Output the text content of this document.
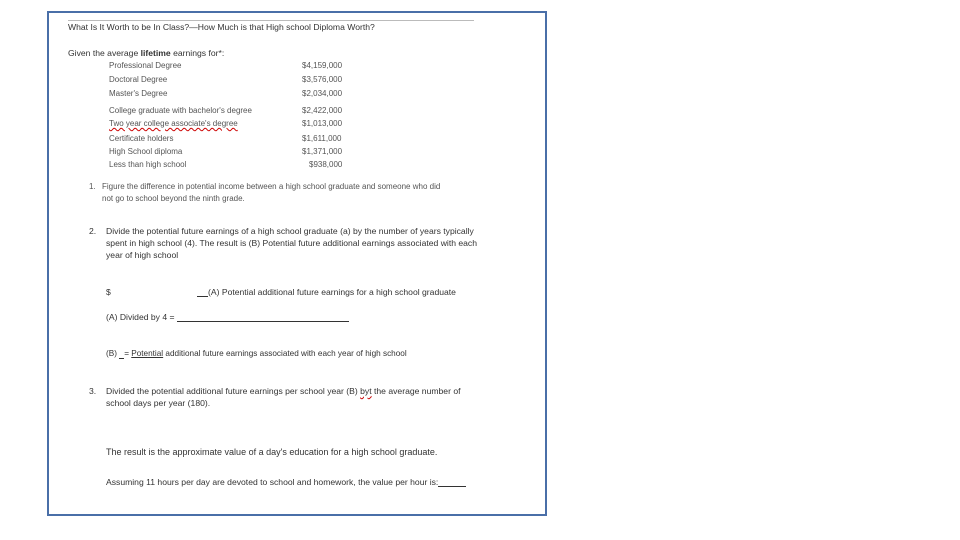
What Is It Worth to be In Class?—How Much is that High school Diploma Worth?
Given the average lifetime earnings for*:
Professional Degree	$4,159,000
Doctoral Degree	$3,576,000
Master's Degree	$2,034,000
College graduate with bachelor's degree	$2,422,000
Two year college associate's degree	$1,013,000
Certificate holders	$1,611,000
High School diploma	$1,371,000
Less than high school	$938,000
1. Figure the difference in potential income between a high school graduate and someone who did
not go to school beyond the ninth grade.
2. Divide the potential future earnings of a high school graduate (a) by the number of years typically
spent in high school (4). The result is (B) Potential future additional earnings associated with each
year of high school
$	(A) Potential additional future earnings for a high school graduate
(A) Divided by 4 =
(B) = Potential additional future earnings associated with each year of high school
3. Divided the potential additional future earnings per school year (B) byt the average number of
school days per year (180).
The result is the approximate value of a day's education for a high school graduate.
Assuming 11 hours per day are devoted to school and homework, the value per hour is:
